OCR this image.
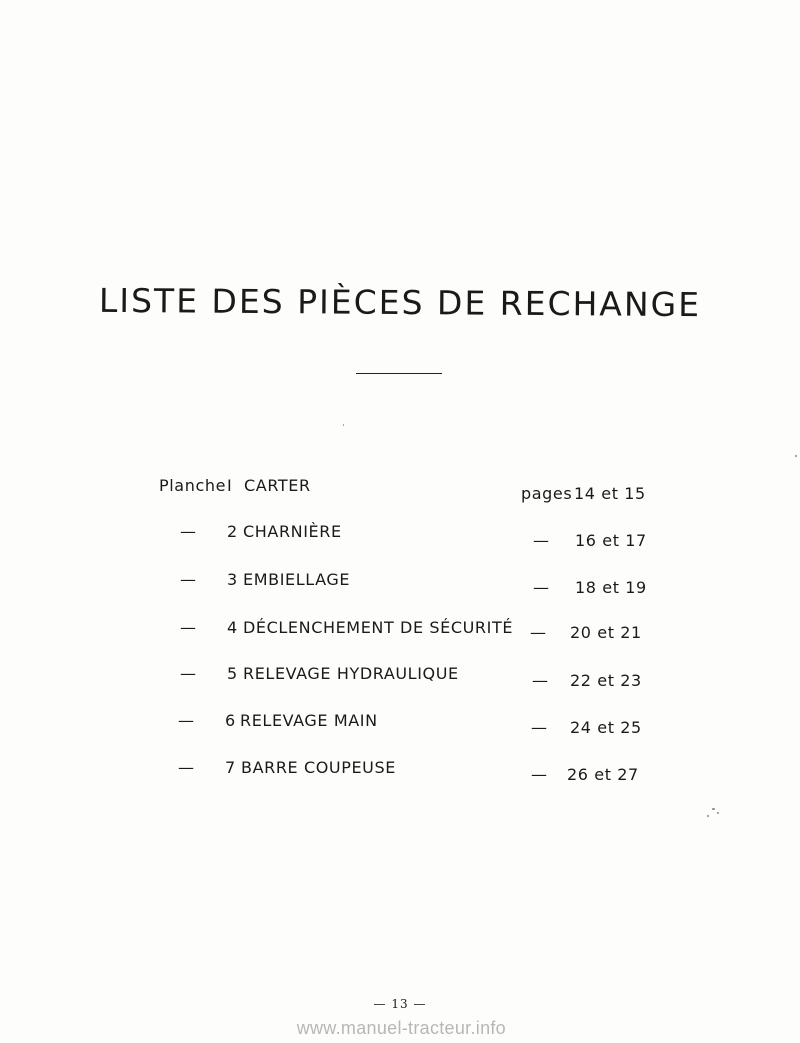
LISTE DES PIÈCES DE RECHANGE
Planche I CARTER	pages 14 et 15
— 2 CHARNIÈRE	— 16 et 17
— 3 EMBIELLAGE	— 18 et 19
— 4 DÉCLENCHEMENT DE SÉCURITÉ — 20 et 21
— 5 RELEVAGE HYDRAULIQUE	— 22 et 23
— 6 RELEVAGE MAIN	— 24 et 25
— 7 BARRE COUPEUSE	— 26 et 27
— 13 —
www.manuel-tracteur.info
